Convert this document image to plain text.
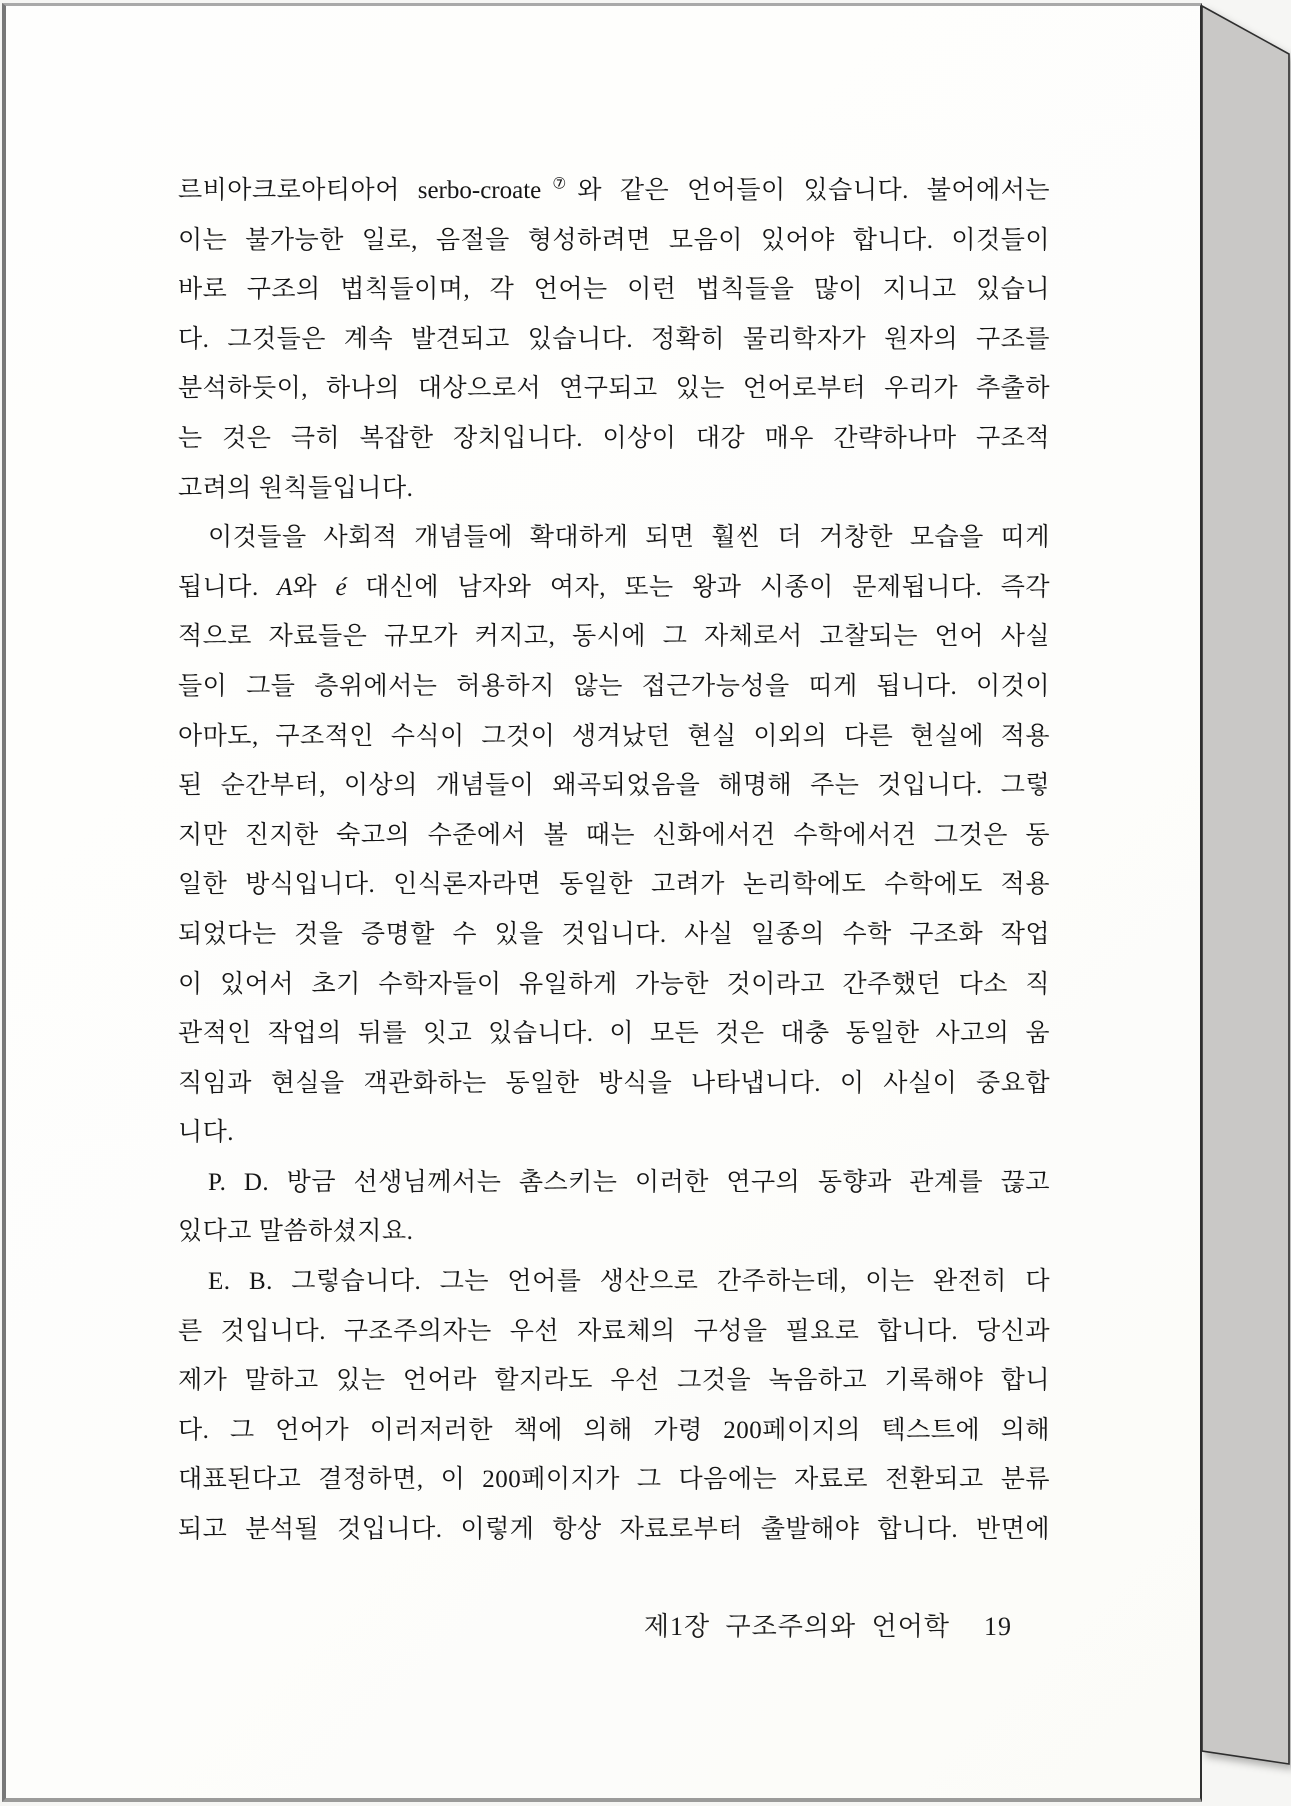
르비아크로아티아어 serbo-croate⑦와 같은 언어들이 있습니다. 불어에서는
이는 불가능한 일로, 음절을 형성하려면 모음이 있어야 합니다. 이것들이
바로 구조의 법칙들이며, 각 언어는 이런 법칙들을 많이 지니고 있습니
다. 그것들은 계속 발견되고 있습니다. 정확히 물리학자가 원자의 구조를
분석하듯이, 하나의 대상으로서 연구되고 있는 언어로부터 우리가 추출하
는 것은 극히 복잡한 장치입니다. 이상이 대강 매우 간략하나마 구조적
고려의 원칙들입니다.
이것들을 사회적 개념들에 확대하게 되면 훨씬 더 거창한 모습을 띠게
됩니다. A와 é 대신에 남자와 여자, 또는 왕과 시종이 문제됩니다. 즉각
적으로 자료들은 규모가 커지고, 동시에 그 자체로서 고찰되는 언어 사실
들이 그들 층위에서는 허용하지 않는 접근가능성을 띠게 됩니다. 이것이
아마도, 구조적인 수식이 그것이 생겨났던 현실 이외의 다른 현실에 적용
된 순간부터, 이상의 개념들이 왜곡되었음을 해명해 주는 것입니다. 그렇
지만 진지한 숙고의 수준에서 볼 때는 신화에서건 수학에서건 그것은 동
일한 방식입니다. 인식론자라면 동일한 고려가 논리학에도 수학에도 적용
되었다는 것을 증명할 수 있을 것입니다. 사실 일종의 수학 구조화 작업
이 있어서 초기 수학자들이 유일하게 가능한 것이라고 간주했던 다소 직
관적인 작업의 뒤를 잇고 있습니다. 이 모든 것은 대충 동일한 사고의 움
직임과 현실을 객관화하는 동일한 방식을 나타냅니다. 이 사실이 중요합
니다.
P. D. 방금 선생님께서는 촘스키는 이러한 연구의 동향과 관계를 끊고
있다고 말씀하셨지요.
E. B. 그렇습니다. 그는 언어를 생산으로 간주하는데, 이는 완전히 다
른 것입니다. 구조주의자는 우선 자료체의 구성을 필요로 합니다. 당신과
제가 말하고 있는 언어라 할지라도 우선 그것을 녹음하고 기록해야 합니
다. 그 언어가 이러저러한 책에 의해 가령 200페이지의 텍스트에 의해
대표된다고 결정하면, 이 200페이지가 그 다음에는 자료로 전환되고 분류
되고 분석될 것입니다. 이렇게 항상 자료로부터 출발해야 합니다. 반면에
제1장 구조주의와 언어학 19
